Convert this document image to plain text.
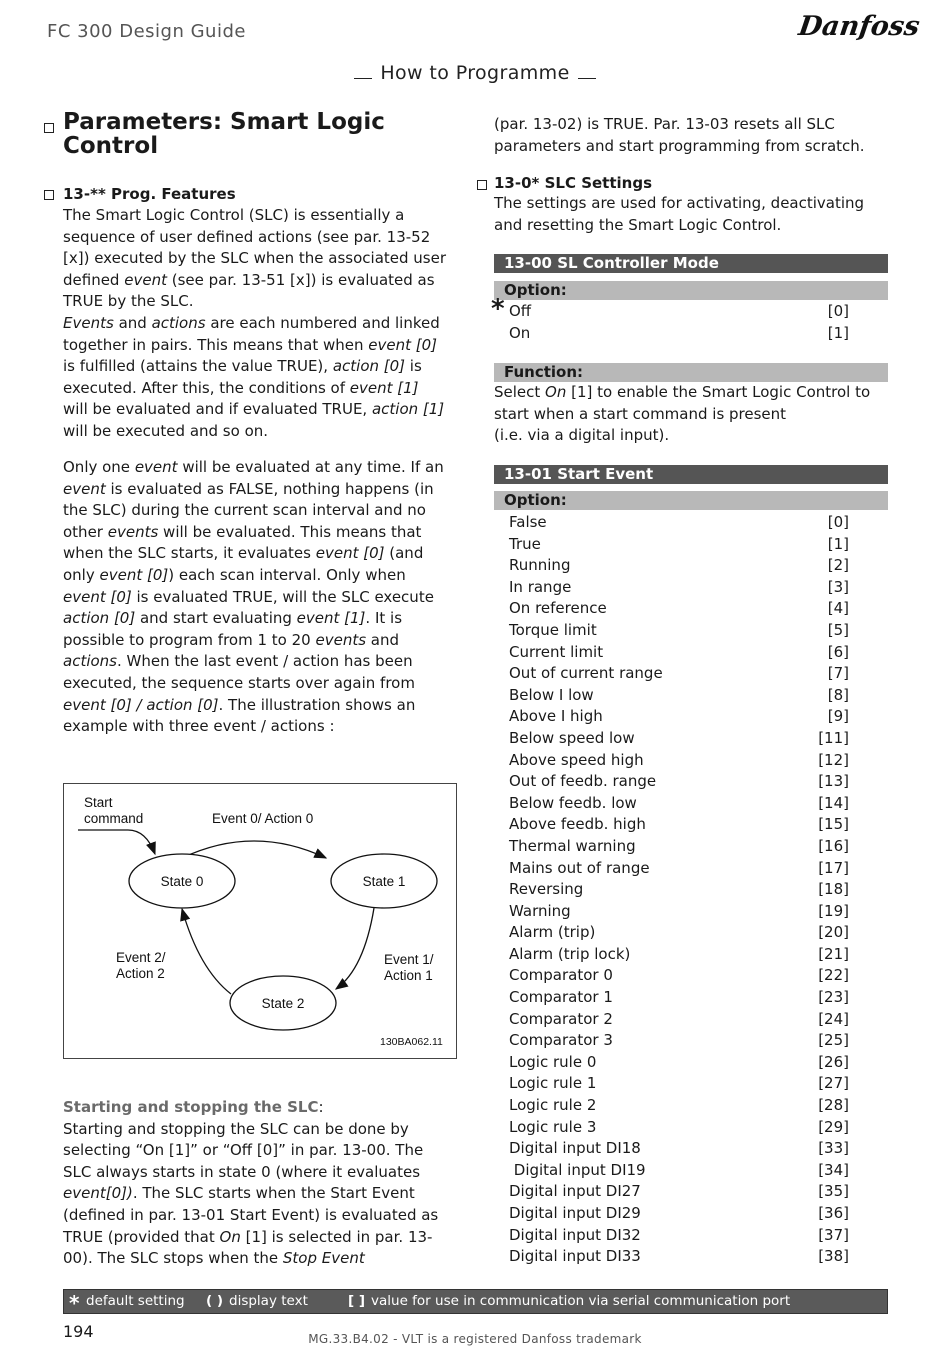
FC 300 Design Guide	Danfoss
How to Programme
Parameters: Smart Logic Control
13-** Prog. Features

The Smart Logic Control (SLC) is essentially a sequence of user defined actions (see par. 13-52 [x]) executed by the SLC when the associated user defined event (see par. 13-51 [x]) is evaluated as TRUE by the SLC.
Events and actions are each numbered and linked together in pairs. This means that when event [0] is fulfilled (attains the value TRUE), action [0] is executed. After this, the conditions of event [1] will be evaluated and if evaluated TRUE, action [1] will be executed and so on.

Only one event will be evaluated at any time. If an event is evaluated as FALSE, nothing happens (in the SLC) during the current scan interval and no other events will be evaluated. This means that when the SLC starts, it evaluates event [0] (and only event [0]) each scan interval. Only when event [0] is evaluated TRUE, will the SLC execute action [0] and start evaluating event [1]. It is possible to program from 1 to 20 events and actions. When the last event / action has been executed, the sequence starts over again from event [0] / action [0]. The illustration shows an example with three event / actions :

Start
command	Event 0/ Action 0
State 0	State 1
State 2
Event 2/
Action 2
Event 1/
Action 1
130BA062.11

Starting and stopping the SLC:
Starting and stopping the SLC can be done by selecting “On [1]” or “Off [0]” in par. 13-00. The SLC always starts in state 0 (where it evaluates event[0]). The SLC starts when the Start Event (defined in par. 13-01 Start Event) is evaluated as TRUE (provided that On [1] is selected in par. 13-00). The SLC stops when the Stop Event

(par. 13-02) is TRUE. Par. 13-03 resets all SLC parameters and start programming from scratch.

13-0* SLC Settings

The settings are used for activating, deactivating and resetting the Smart Logic Control.

13-00 SL Controller Mode
Option:
* Off	[0]
On	[1]
Function:

Select On [1] to enable the Smart Logic Control to start when a start command is present
(i.e. via a digital input).

13-01 Start Event
Option:
False	[0]
True	[1]
Running	[2]
In range	[3]
On reference	[4]
Torque limit	[5]
Current limit	[6]
Out of current range	[7]
Below I low	[8]
Above I high	[9]
Below speed low	[11]
Above speed high	[12]
Out of feedb. range	[13]
Below feedb. low	[14]
Above feedb. high	[15]
Thermal warning	[16]
Mains out of range	[17]
Reversing	[18]
Warning	[19]
Alarm (trip)	[20]
Alarm (trip lock)	[21]
Comparator 0	[22]
Comparator 1	[23]
Comparator 2	[24]
Comparator 3	[25]
Logic rule 0	[26]
Logic rule 1	[27]
Logic rule 2	[28]
Logic rule 3	[29]
Digital input DI18	[33]
Digital input DI19	[34]
Digital input DI27	[35]
Digital input DI29	[36]
Digital input DI32	[37]
Digital input DI33	[38]
* default setting ( ) display text	[ ] value for use in communication via serial communication port
194	MG.33.B4.02 - VLT is a registered Danfoss trademark
